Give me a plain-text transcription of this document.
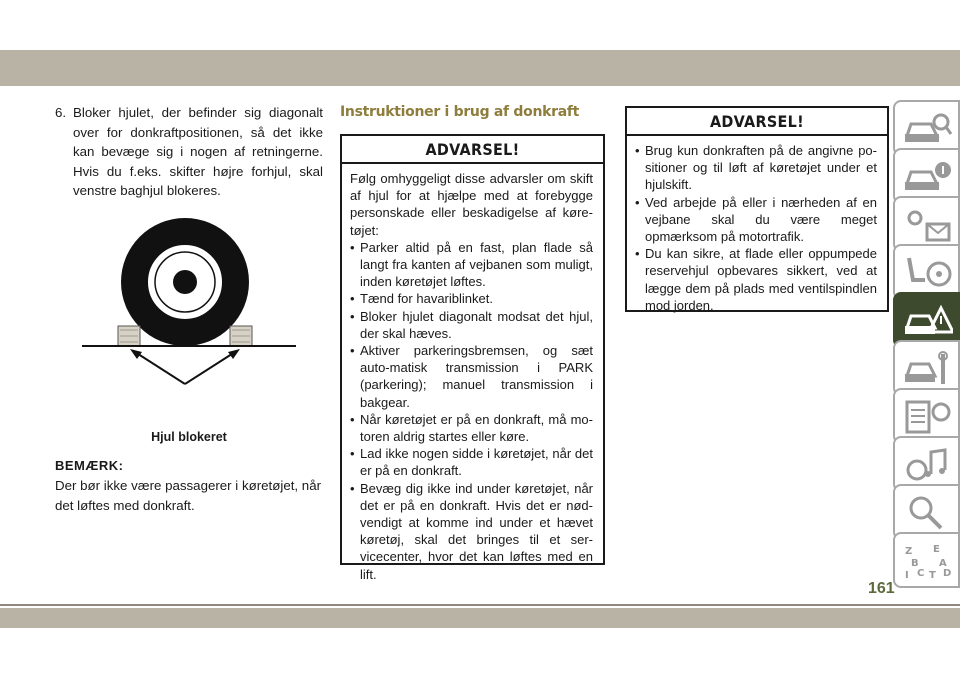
6. Bloker hjulet, der befinder sig diagonalt over for donkraftpositionen, så det ikke kan bevæge sig i nogen af retningerne. Hvis du f.eks. skifter højre forhjul, skal venstre baghjul blokeres.
Hjul blokeret
BEMÆRK:
Der bør ikke være passagerer i køretøjet, når det løftes med donkraft.
Instruktioner i brug af donkraft
ADVARSEL!
Følg omhyggeligt disse advarsler om skift af hjul for at hjælpe med at forebygge personskade eller beskadigelse af køre-tøjet:
• Parker altid på en fast, plan flade så langt fra kanten af vejbanen som muligt, inden køretøjet løftes.
• Tænd for havariblinket.
• Bloker hjulet diagonalt modsat det hjul, der skal hæves.
• Aktiver parkeringsbremsen, og sæt auto-matisk transmission i PARK (parkering); manuel transmission i bakgear.
• Når køretøjet er på en donkraft, må mo-toren aldrig startes eller køre.
• Lad ikke nogen sidde i køretøjet, når det er på en donkraft.
• Bevæg dig ikke ind under køretøjet, når det er på en donkraft. Hvis det er nød-vendigt at komme ind under et hævet køretøj, skal det bringes til et ser-vicecenter, hvor det kan løftes med en lift.
ADVARSEL!
• Brug kun donkraften på de angivne po-sitioner og til løft af køretøjet under et hjulskift.
• Ved arbejde på eller i nærheden af en vejbane skal du være meget opmærksom på motortrafik.
• Du kan sikre, at flade eller oppumpede reservehjul opbevares sikkert, ved at lægge dem på plads med ventilspindlen mod jorden.
Z E
B A
I C T D
161
